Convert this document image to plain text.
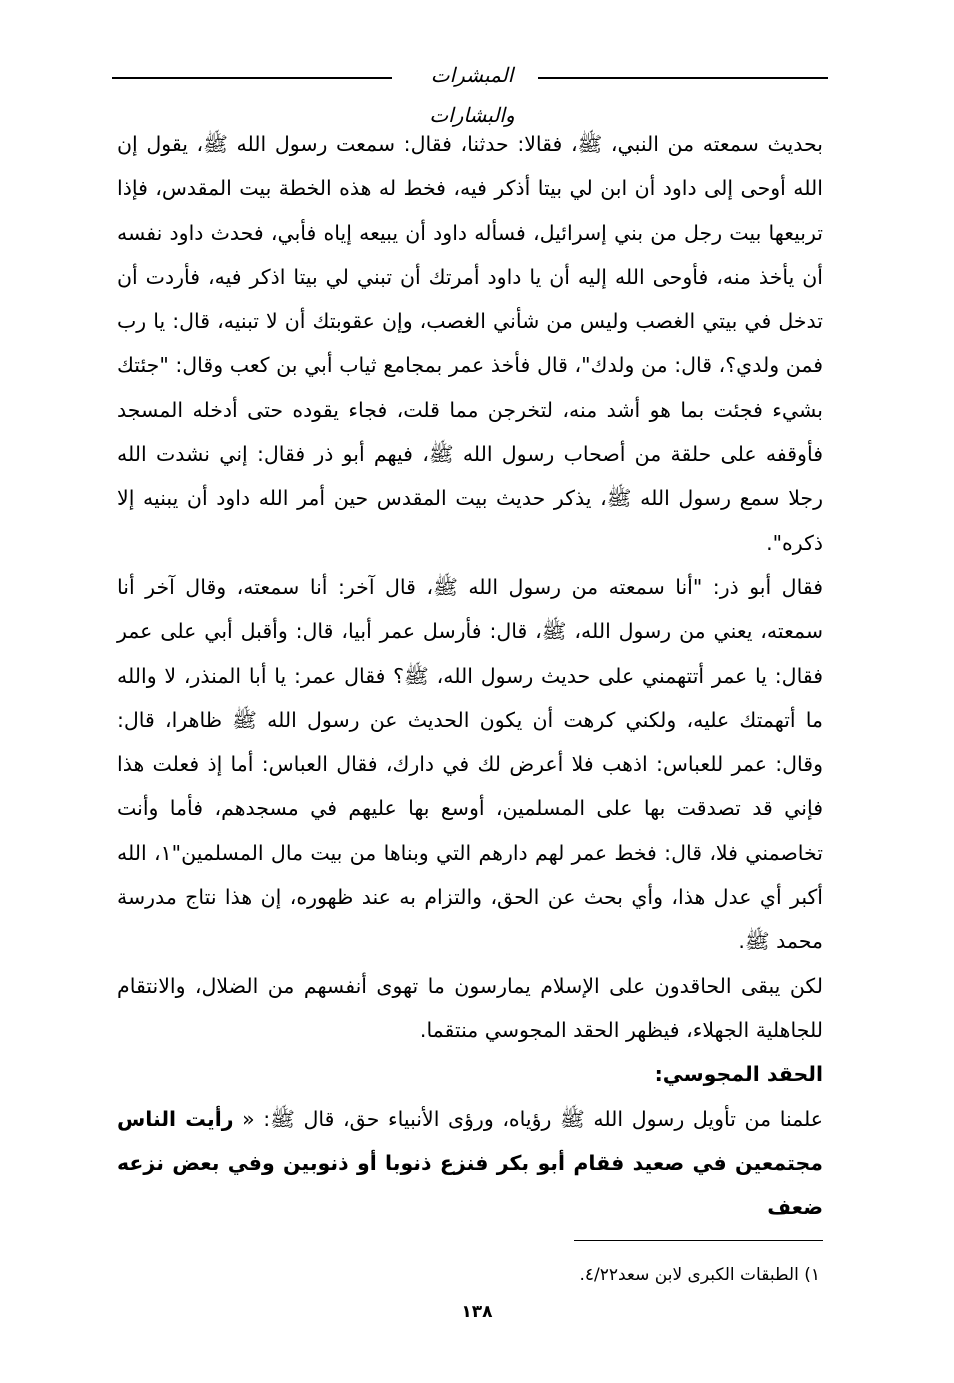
المبشرات والبشارات

بحديث سمعته من النبي، ﷺ، فقالا: حدثنا، فقال: سمعت رسول الله ﷺ، يقول إن الله أوحى إلى داود أن ابن لي بيتا أذكر فيه، فخط له هذه الخطة بيت المقدس، فإذا تربيعها بيت رجل من بني إسرائيل، فسأله داود أن يبيعه إياه فأبي، فحدث داود نفسه أن يأخذ منه، فأوحى الله إليه أن يا داود أمرتك أن تبني لي بيتا اذكر فيه، فأردت أن تدخل في بيتي الغصب وليس من شأني الغصب، وإن عقوبتك أن لا تبنيه، قال: يا رب فمن ولدي؟، قال: من ولدك"، قال فأخذ عمر بمجامع ثياب أبي بن كعب وقال: "جئتك بشيء فجئت بما هو أشد منه، لتخرجن مما قلت، فجاء يقوده حتى أدخله المسجد فأوقفه على حلقة من أصحاب رسول الله ﷺ، فيهم أبو ذر فقال: إني نشدت الله رجلا سمع رسول الله ﷺ، يذكر حديث بيت المقدس حين أمر الله داود أن يبنيه إلا ذكره".

فقال أبو ذر: "أنا سمعته من رسول الله ﷺ، قال آخر: أنا سمعته، وقال آخر أنا سمعته، يعني من رسول الله، ﷺ، قال: فأرسل عمر أبيا، قال: وأقبل أبي على عمر فقال: يا عمر أتتهمني على حديث رسول الله، ﷺ؟ فقال عمر: يا أبا المنذر، لا والله ما أتهمتك عليه، ولكني كرهت أن يكون الحديث عن رسول الله ﷺ ظاهرا، قال: وقال: عمر للعباس: اذهب فلا أعرض لك في دارك، فقال العباس: أما إذ فعلت هذا فإني قد تصدقت بها على المسلمين، أوسع بها عليهم في مسجدهم، فأما وأنت تخاصمني فلا، قال: فخط عمر لهم دارهم التي وبناها من بيت مال المسلمين"١، الله أكبر أي عدل هذا، وأي بحث عن الحق، والتزام به عند ظهوره، إن هذا نتاج مدرسة محمد ﷺ.

لكن يبقى الحاقدون على الإسلام يمارسون ما تهوى أنفسهم من الضلال، والانتقام للجاهلية الجهلاء، فيظهر الحقد المجوسي منتقما.

الحقد المجوسي:

علمنا من تأويل رسول الله ﷺ رؤياه، ورؤى الأنبياء حق، قال ﷺ: « رأيت الناس مجتمعين في صعيد فقام أبو بكر فنزع ذنوبا أو ذنوبين وفي بعض نزعه ضعف

١) الطبقات الكبرى لابن سعد٤/٢٢.
١٣٨
